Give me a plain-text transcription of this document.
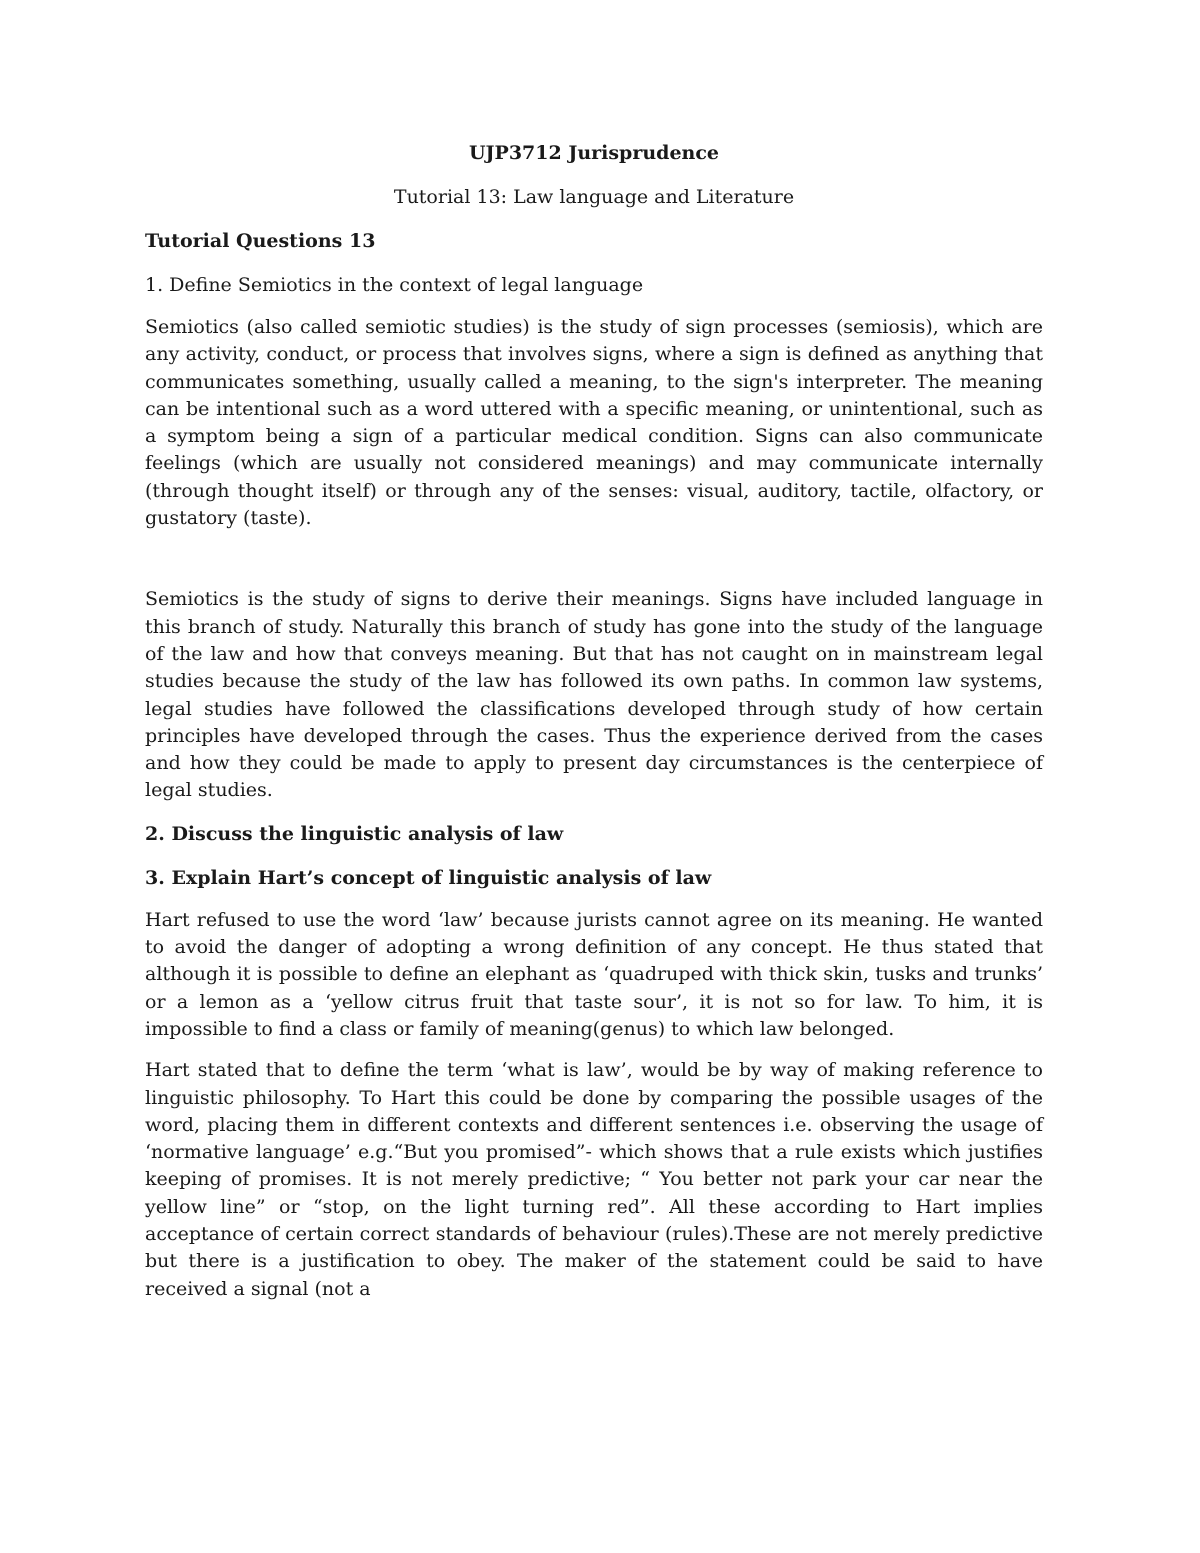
UJP3712 Jurisprudence
Tutorial 13: Law language and Literature
Tutorial Questions 13
1. Define Semiotics in the context of legal language

Semiotics (also called semiotic studies) is the study of sign processes (semiosis), which are any activity, conduct, or process that involves signs, where a sign is defined as anything that communicates something, usually called a meaning, to the sign's interpreter. The meaning can be intentional such as a word uttered with a specific meaning, or unintentional, such as a symptom being a sign of a particular medical condition. Signs can also communicate feelings (which are usually not considered meanings) and may communicate internally (through thought itself) or through any of the senses: visual, auditory, tactile, olfactory, or gustatory (taste).

Semiotics is the study of signs to derive their meanings. Signs have included language in this branch of study. Naturally this branch of study has gone into the study of the language of the law and how that conveys meaning. But that has not caught on in mainstream legal studies because the study of the law has followed its own paths. In common law systems, legal studies have followed the classifications developed through study of how certain principles have developed through the cases. Thus the experience derived from the cases and how they could be made to apply to present day circumstances is the centerpiece of legal studies.

2. Discuss the linguistic analysis of law
3. Explain Hart’s concept of linguistic analysis of law

Hart refused to use the word ‘law’ because jurists cannot agree on its meaning. He wanted to avoid the danger of adopting a wrong definition of any concept. He thus stated that although it is possible to define an elephant as ‘quadruped with thick skin, tusks and trunks’ or a lemon as a ‘yellow citrus fruit that taste sour’, it is not so for law. To him, it is impossible to find a class or family of meaning(genus) to which law belonged.

Hart stated that to define the term ‘what is law’, would be by way of making reference to linguistic philosophy. To Hart this could be done by comparing the possible usages of the word, placing them in different contexts and different sentences i.e. observing the usage of ‘normative language’ e.g.“But you promised”- which shows that a rule exists which justifies keeping of promises. It is not merely predictive; “ You better not park your car near the yellow line” or “stop, on the light turning red”. All these according to Hart implies acceptance of certain correct standards of behaviour (rules).These are not merely predictive but there is a justification to obey. The maker of the statement could be said to have received a signal (not a
